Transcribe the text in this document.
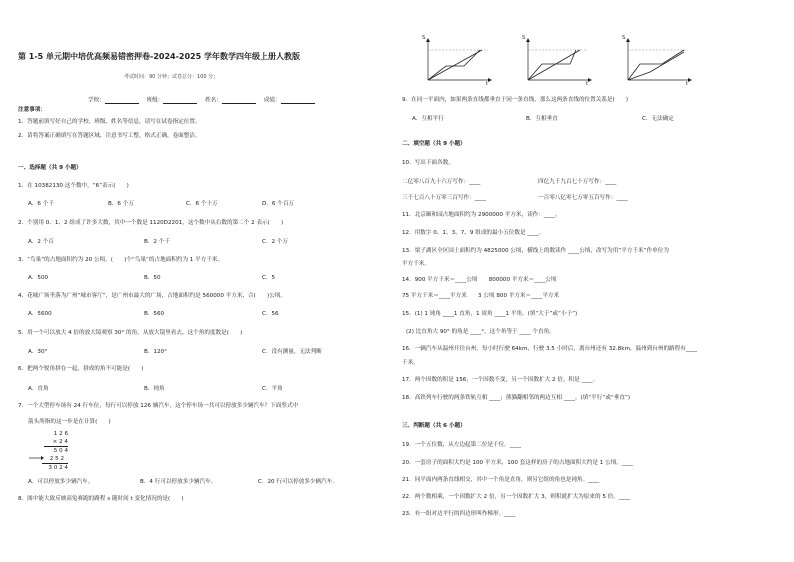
第 1-5 单元期中培优高频易错密押卷-2024-2025 学年数学四年级上册人教版
考试时间：90 分钟；试卷总分：100 分；
学校：	班级：	姓名：	成绩：
注意事项：
1．答题前填写好自己的学校、班级、姓名等信息，请写在试卷指定位置。
2．请将答案正确填写在答题区域，注意书写工整，格式正确，卷面整洁。
一、选择题（共 9 小题）
1．在 10382130 这个数中，“6”表示(　　)
A．6 个千	B．6 个万	C．6 个十万	D．6 个百万
2．个别用 0、1、2 组成了许多大数，其中一个数是 1120D2201，这个数中从右数的第二个 2 表示(　　)
A．2 个百	B．2 个千	C．2 个万
3．“鸟巢”的占地面积约为 20 公顷，(　　)个“鸟巢”的占地面积约为 1 平方千米。
A．500	B．50	C．5
4．花城广场坐落为广州“城市客厅”，是广州市最大的广场，占地面积约是 560000 平方米，合(　　)公顷。
A．5600	B．560	C．56
5．用一个可以放大 4 倍的放大镜观察 30° 的角，从放大镜里看去，这个角的度数是(　　)
A．30°	B．120°	C．没有测量，无法判断
6．把两个锐角拼在一起，拼成的角不可能是(　　)
A．直角	B．钝角	C．平角
7．一个大型停车场有 24 行车位，每行可以停放 126 辆汽车，这个停车场一共可以停放多少辆汽车？下面竖式中
箭头所指的这一步是在计算(　　)
1 2 6
× 2 4
5 0 4
2 5 2
3 0 2 4
A．可以停放多少辆汽车。	B．4 行可以停放多少辆汽车。	C．20 行可以停放多少辆汽车。
8．图中能大致反映高兔赛跑的路程 s 随时间 t 变化情况的是(　　)
S
t
S
t
S
t
9．在同一平面内，如果两条直线都垂直于同一条直线，那么这两条直线的位置关系是(　　)
A．互相平行	B．互相垂直	C．无法确定
二、填空题（共 9 小题）
10．写出下面各数。
二亿零八百九十六万写作：____	四亿九千九百七十万写作：____
三千七百八十万零三百写作：____	一百零八亿零七万零五百写作：____
11．北京颐和园占地面积约为 2900000 平方米，读作：____。
12．用数字 0、1、3、7、9 组成的最小五位数是 ____。
13．梁子湖区全区国土面积约为 4825000 公顷，横线上的数读作 ____公顷，改写为用“平方千米”作单位为
平方千米。
14．900 平方千米＝____公顷　　800000 平方米＝____公顷
75 平方千米＝____平方米　　3 公顷 800 平方米＝____平方米
15．(1) 1 钝角 ____1 直角，1 周角 ____1 平角。(填“大于”或“小于”)
(2) 比直角大 90° 的角是 ____°，这个角等于 ____ 个直角。
16．一辆汽车从温州开往台州，每小时行驶 64km，行驶 3.5 小时后，离台州还有 32.8km，温州到台州的路程有____
千米。
17．两个因数的积是 156，一个因数不变，另一个因数扩大 2 倍，积是 ____。
18．高铁列车行驶的两条铁轨互相 ____；熊猫翻相邻的两边互相 ____。(填“平行”或“垂直”)
三、判断题（共 6 小题）
19．一个五位数，从左边起第二位是千位。____
20．一套房子的面积大约是 100 平方米，100 套这样的房子的占地面积大约是 1 公顷。____
21．同平面内两条直线相交，其中一个角是直角，则另它组的角也是钝角。____
22．两个数相乘，一个因数扩大 2 倍，另一个因数扩大 3，则积就扩大为原来的 5 倍。____
23．有一组对边平行的四边形叫作梯形。____
